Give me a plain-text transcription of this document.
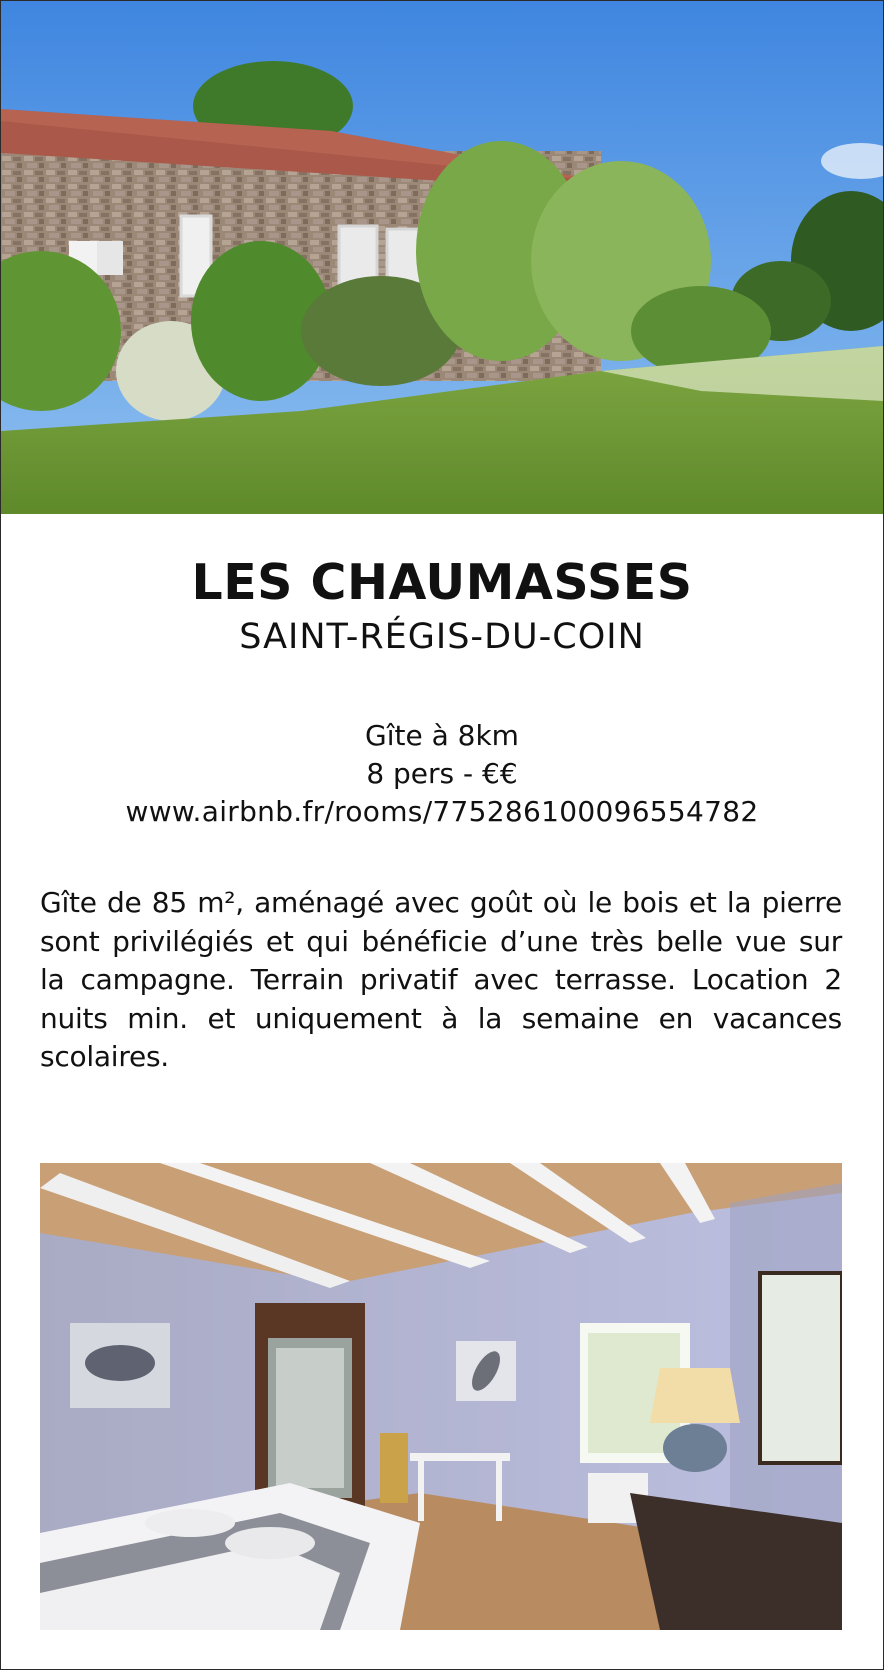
LES CHAUMASSES
SAINT-RÉGIS-DU-COIN
Gîte à 8km
8 pers - €€
www.airbnb.fr/rooms/775286100096554782
Gîte de 85 m², aménagé avec goût où le bois et la pierre sont privilégiés et qui bénéficie d’une très belle vue sur la campagne. Terrain privatif avec terrasse. Location 2 nuits min. et uniquement à la semaine en vacances scolaires.
